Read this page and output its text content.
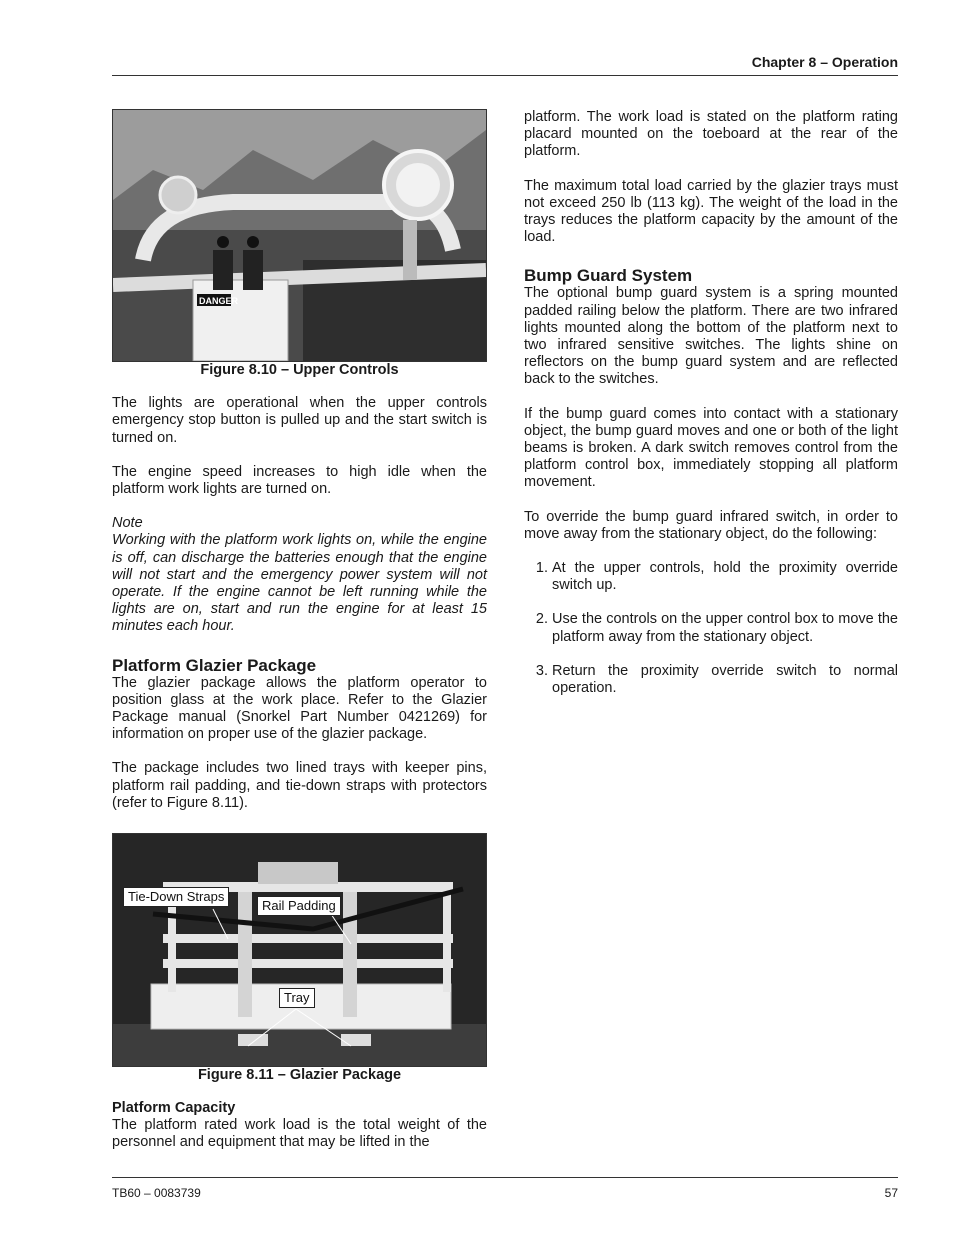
Chapter 8 – Operation
DANGER

Figure 8.10 – Upper Controls

The lights are operational when the upper controls emergency stop button is pulled up and the start switch is turned on.

The engine speed increases to high idle when the platform work lights are turned on.

Note

Working with the platform work lights on, while the engine is off, can discharge the batteries enough that the engine will not start and the emergency power system will not operate. If the engine cannot be left running while the lights are on, start and run the engine for at least 15 minutes each hour.

Platform Glazier Package

The glazier package allows the platform operator to position glass at the work place. Refer to the Glazier Package manual (Snorkel Part Number 0421269) for information on proper use of the glazier package.

The package includes two lined trays with keeper pins, platform rail padding, and tie-down straps with protectors (refer to Figure 8.11).

Tie-Down Straps
Rail Padding
Tray

Figure 8.11 – Glazier Package

Platform Capacity

The platform rated work load is the total weight of the personnel and equipment that may be lifted in the

platform. The work load is stated on the platform rating placard mounted on the toeboard at the rear of the platform.

The maximum total load carried by the glazier trays must not exceed 250 lb (113 kg). The weight of the load in the trays reduces the platform capacity by the amount of the load.

Bump Guard System

The optional bump guard system is a spring mounted padded railing below the platform. There are two infrared lights mounted along the bottom of the platform next to two infrared sensitive switches. The lights shine on reflectors on the bump guard system and are reflected back to the switches.

If the bump guard comes into contact with a stationary object, the bump guard moves and one or both of the light beams is broken. A dark switch removes control from the platform control box, immediately stopping all platform movement.

To override the bump guard infrared switch, in order to move away from the stationary object, do the following:

1. At the upper controls, hold the proximity override switch up.
2. Use the controls on the upper control box to move the platform away from the stationary object.
3. Return the proximity override switch to normal operation.
TB60 – 0083739	57
